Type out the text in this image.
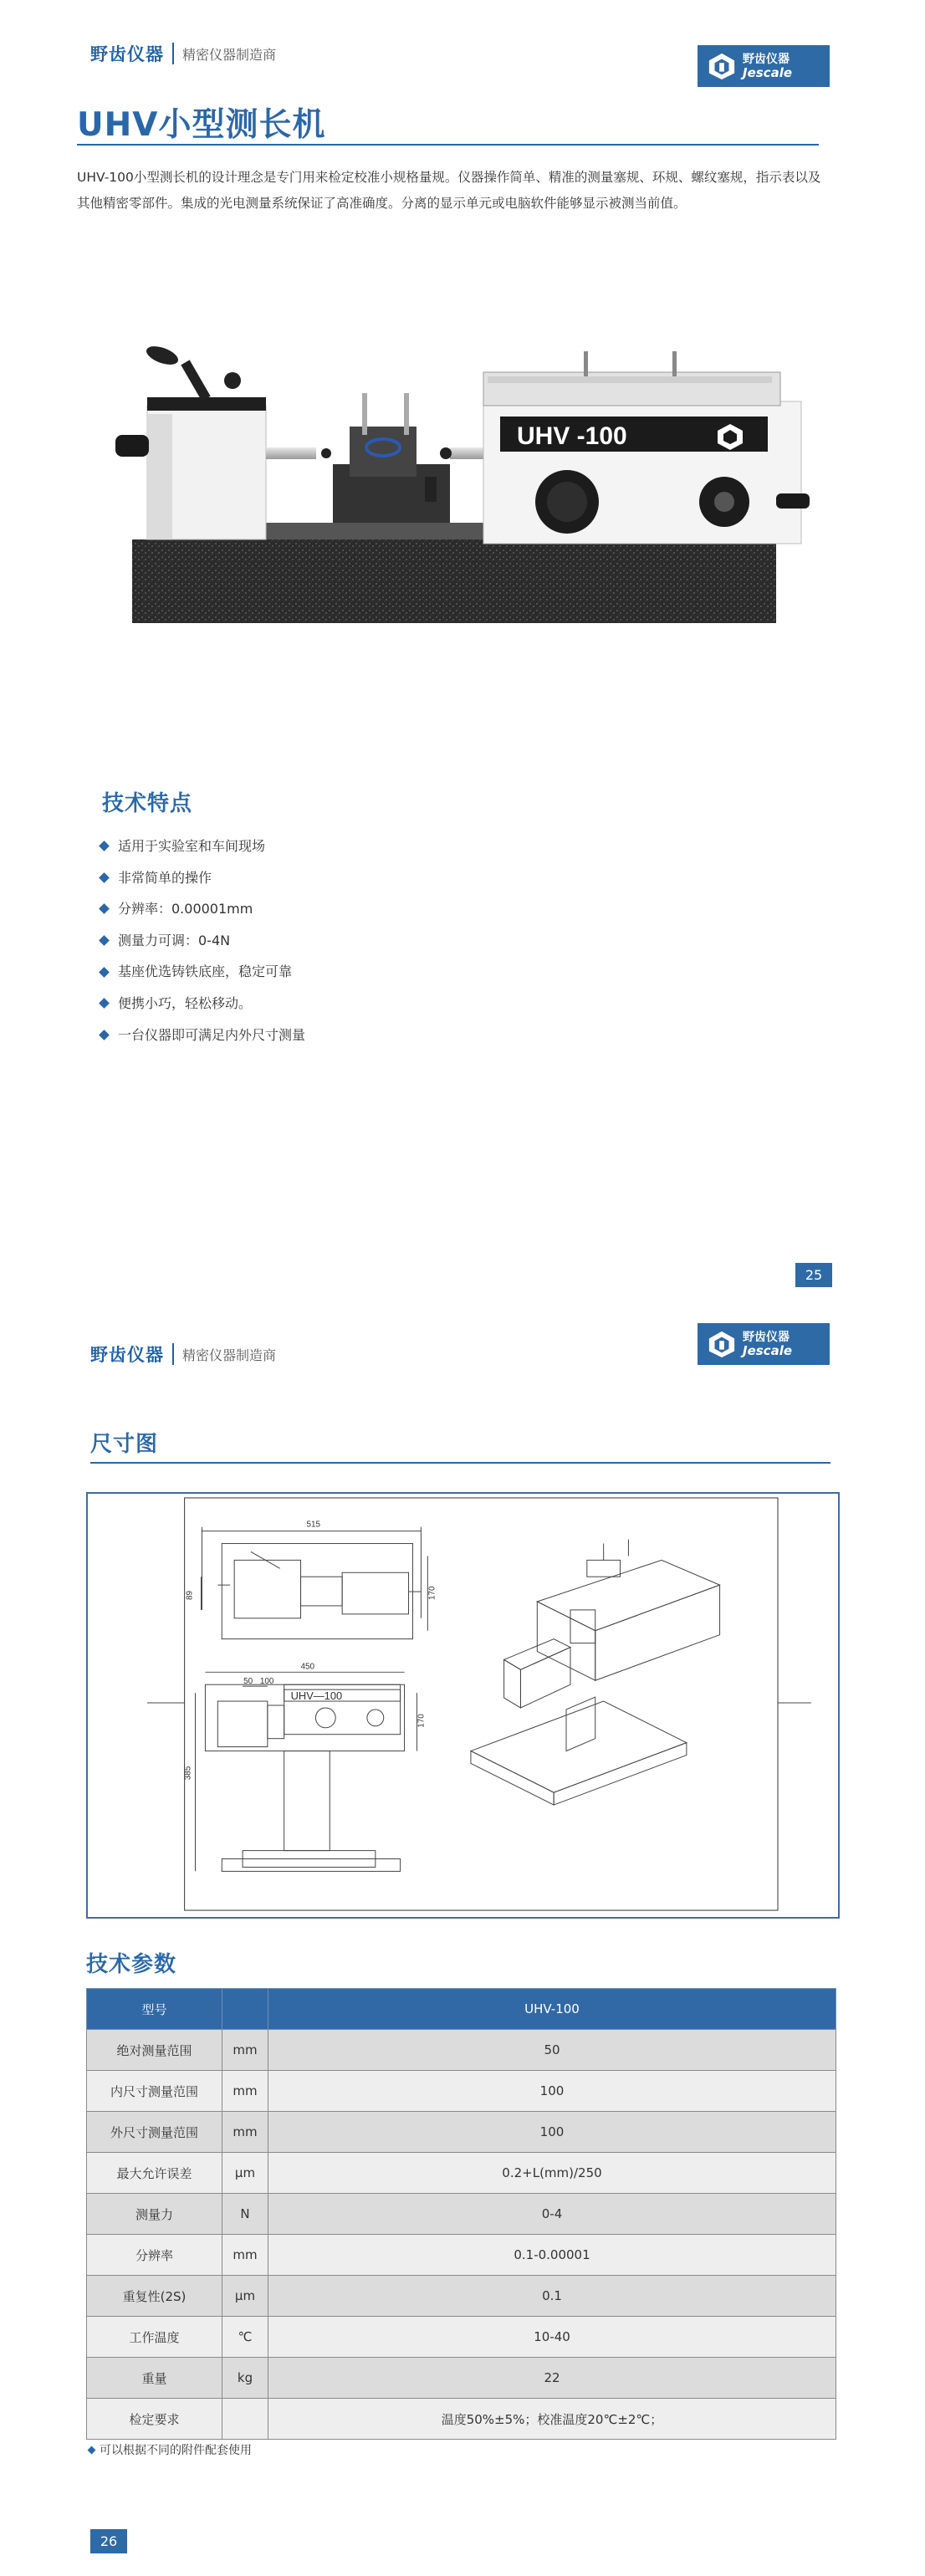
野齿仪器 精密仪器制造商	野齿仪器
Jescale
UHV小型测长机

UHV-100小型测长机的设计理念是专门用来检定校准小规格量规。仪器操作简单、精准的测量塞规、环规、螺纹塞规，指示表以及其他精密零部件。集成的光电测量系统保证了高准确度。分离的显示单元或电脑软件能够显示被测当前值。

UHV -100
技术特点
适用于实验室和车间现场
非常简单的操作
分辨率：0.00001mm
测量力可调：0-4N
基座优选铸铁底座，稳定可靠
便携小巧，轻松移动。
一台仪器即可满足内外尺寸测量
25
野齿仪器 精密仪器制造商
野齿仪器
Jescale
尺寸图
515
89	170
450
50 100
UHV—100
170
385
技术参数
型号		UHV-100
绝对测量范围	mm	50
内尺寸测量范围	mm	100
外尺寸测量范围	mm	100
最大允许误差	μm	0.2+L(mm)/250
测量力	N	0-4
分辨率	mm	0.1-0.00001
重复性(2S)	μm	0.1
工作温度	℃	10-40
重量	kg	22
检定要求		温度50%±5%；校准温度20℃±2℃；
可以根据不同的附件配套使用
26
